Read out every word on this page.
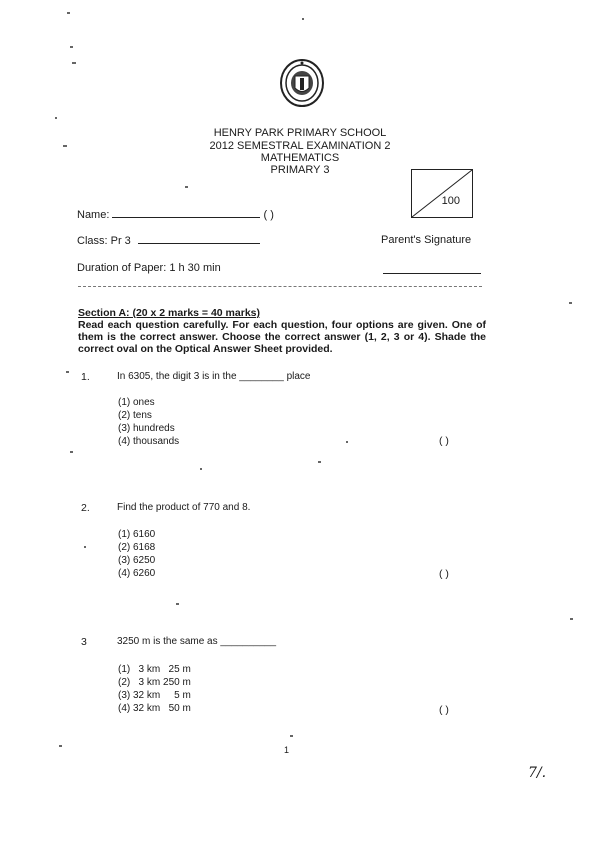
HENRY PARK PRIMARY SCHOOL
2012 SEMESTRAL EXAMINATION 2
MATHEMATICS
PRIMARY 3
100
Name:	( )
Class: Pr 3	Parent's Signature
Duration of Paper: 1 h 30 min
Section A: (20 x 2 marks = 40 marks)
Read each question carefully. For each question, four options are given. One of them is the correct answer. Choose the correct answer (1, 2, 3 or 4). Shade the correct oval on the Optical Answer Sheet provided.
1.	In 6305, the digit 3 is in the ________ place
(1) ones
(2) tens
(3) hundreds
(4) thousands	( )
2.	Find the product of 770 and 8.
(1) 6160
(2) 6168
(3) 6250
(4) 6260	( )
3	3250 m is the same as __________
(1)   3 km   25 m
(2)   3 km 250 m
(3) 32 km     5 m
(4) 32 km   50 m	( )
1
7/.
